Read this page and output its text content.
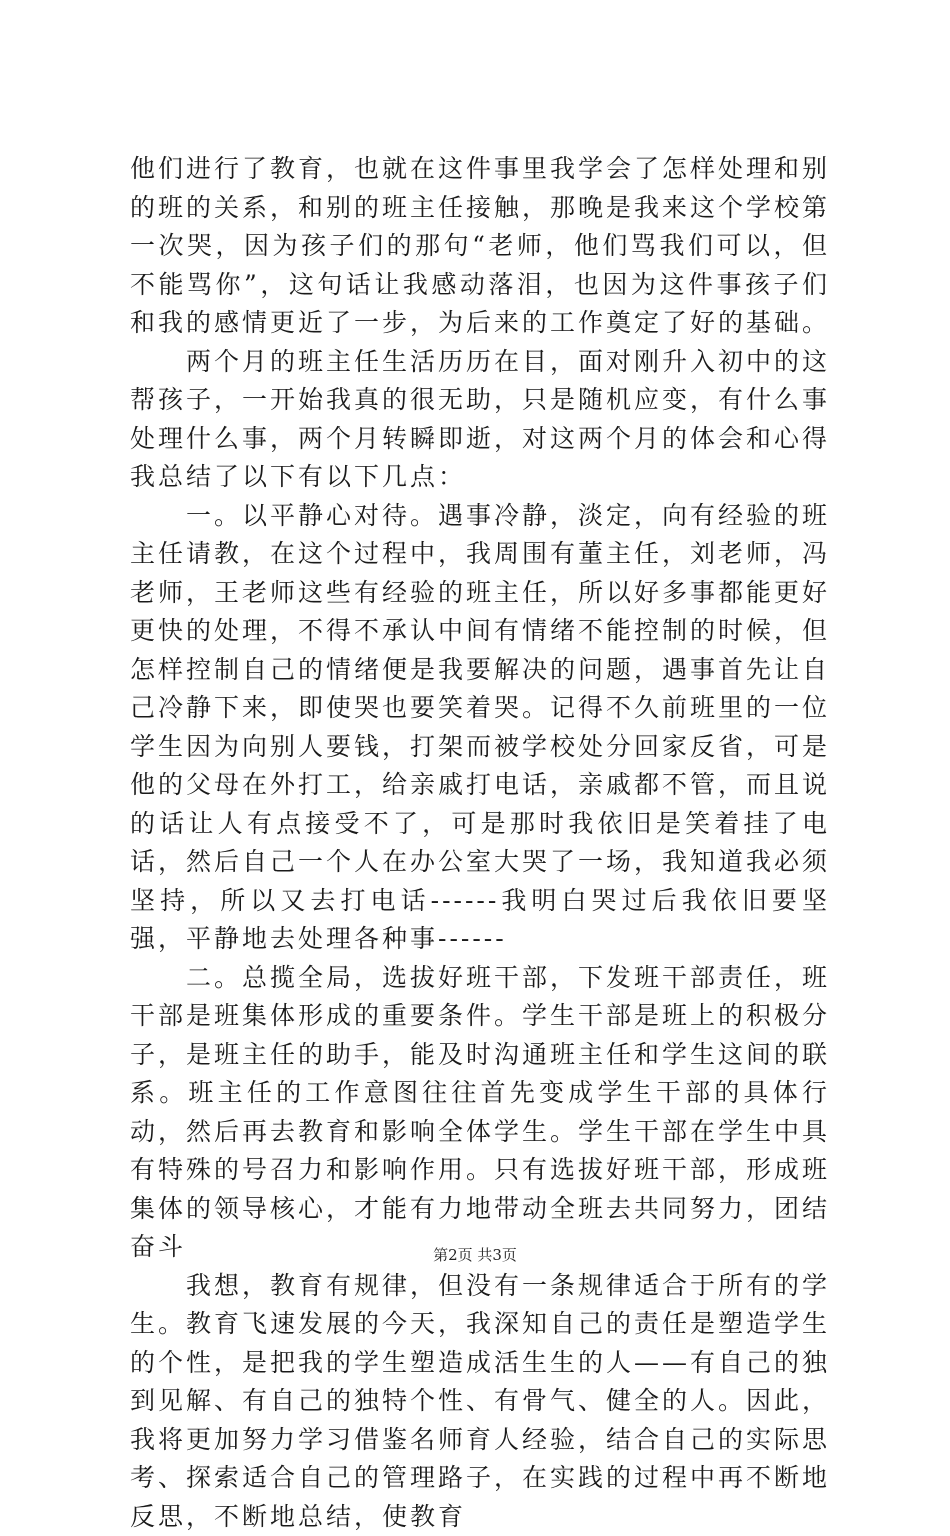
他们进行了教育，也就在这件事里我学会了怎样处理和别的班的关系，和别的班主任接触，那晚是我来这个学校第一次哭，因为孩子们的那句“老师，他们骂我们可以，但不能骂你”，这句话让我感动落泪，也因为这件事孩子们和我的感情更近了一步，为后来的工作奠定了好的基础。

两个月的班主任生活历历在目，面对刚升入初中的这帮孩子，一开始我真的很无助，只是随机应变，有什么事处理什么事，两个月转瞬即逝，对这两个月的体会和心得我总结了以下有以下几点：

一。以平静心对待。遇事冷静，淡定，向有经验的班主任请教，在这个过程中，我周围有董主任，刘老师，冯老师，王老师这些有经验的班主任，所以好多事都能更好更快的处理，不得不承认中间有情绪不能控制的时候，但怎样控制自己的情绪便是我要解决的问题，遇事首先让自己冷静下来，即使哭也要笑着哭。记得不久前班里的一位学生因为向别人要钱，打架而被学校处分回家反省，可是他的父母在外打工，给亲戚打电话，亲戚都不管，而且说的话让人有点接受不了，可是那时我依旧是笑着挂了电话，然后自己一个人在办公室大哭了一场，我知道我必须坚持，所以又去打电话------我明白哭过后我依旧要坚强，平静地去处理各种事------

二。总揽全局，选拔好班干部，下发班干部责任，班干部是班集体形成的重要条件。学生干部是班上的积极分子，是班主任的助手，能及时沟通班主任和学生这间的联系。班主任的工作意图往往首先变成学生干部的具体行动，然后再去教育和影响全体学生。学生干部在学生中具有特殊的号召力和影响作用。只有选拔好班干部，形成班集体的领导核心，才能有力地带动全班去共同努力，团结奋斗

我想，教育有规律，但没有一条规律适合于所有的学生。教育飞速发展的今天，我深知自己的责任是塑造学生的个性，是把我的学生塑造成活生生的人——有自己的独到见解、有自己的独特个性、有骨气、健全的人。因此，我将更加努力学习借鉴名师育人经验，结合自己的实际思考、探索适合自己的管理路子，在实践的过程中再不断地反思，不断地总结，使教育

第2页 共3页
